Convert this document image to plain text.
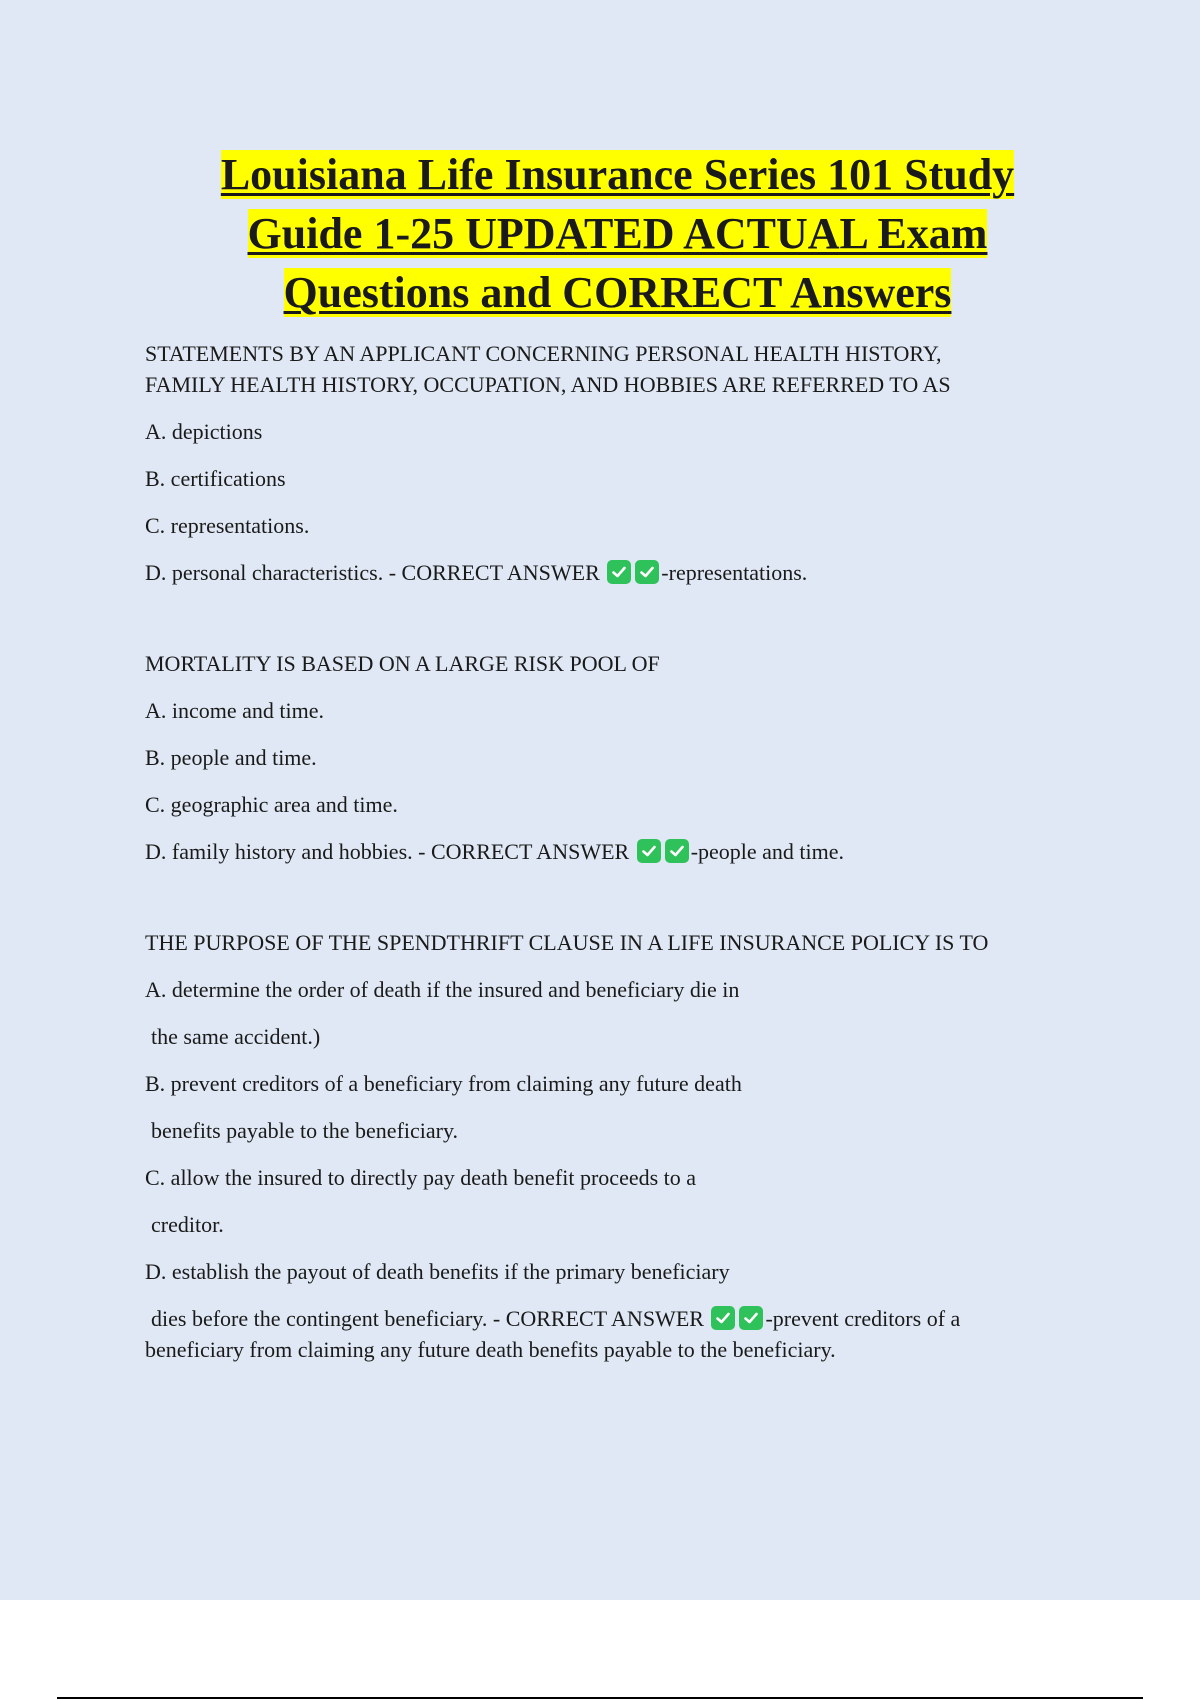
Louisiana Life Insurance Series 101 Study
Guide 1-25 UPDATED ACTUAL Exam
Questions and CORRECT Answers

STATEMENTS BY AN APPLICANT CONCERNING PERSONAL HEALTH HISTORY,
FAMILY HEALTH HISTORY, OCCUPATION, AND HOBBIES ARE REFERRED TO AS

A. depictions

B. certifications

C. representations.

D. personal characteristics. - CORRECT ANSWER	-representations.

MORTALITY IS BASED ON A LARGE RISK POOL OF

A. income and time.

B. people and time.

C. geographic area and time.

D. family history and hobbies. - CORRECT ANSWER	-people and time.

THE PURPOSE OF THE SPENDTHRIFT CLAUSE IN A LIFE INSURANCE POLICY IS TO

A. determine the order of death if the insured and beneficiary die in

the same accident.)

B. prevent creditors of a beneficiary from claiming any future death

benefits payable to the beneficiary.

C. allow the insured to directly pay death benefit proceeds to a

creditor.

D. establish the payout of death benefits if the primary beneficiary

dies before the contingent beneficiary. - CORRECT ANSWER	-prevent creditors of a

beneficiary from claiming any future death benefits payable to the beneficiary.
